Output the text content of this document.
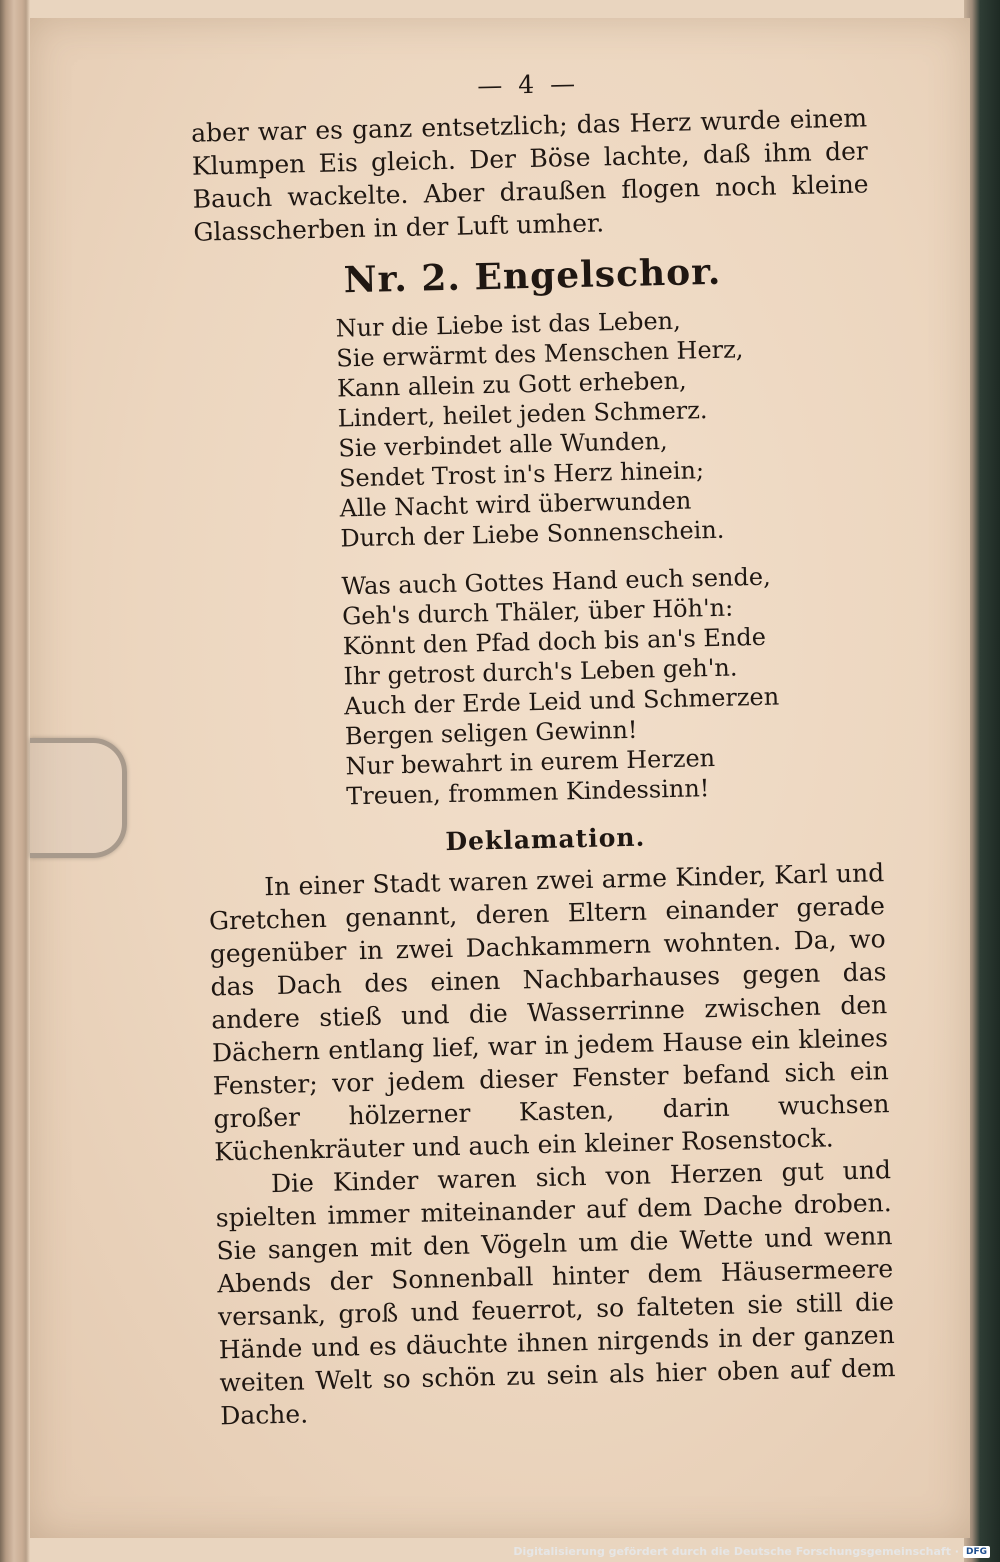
— 4 —

aber war es ganz entsetzlich; das Herz wurde einem Klumpen Eis gleich. Der Böse lachte, daß ihm der Bauch wackelte. Aber draußen flogen noch kleine Glasscherben in der Luft umher.

Nr. 2. Engelschor.
Nur die Liebe ist das Leben,
Sie erwärmt des Menschen Herz,
Kann allein zu Gott erheben,
Lindert, heilet jeden Schmerz.
Sie verbindet alle Wunden,
Sendet Trost in's Herz hinein;
Alle Nacht wird überwunden
Durch der Liebe Sonnenschein.
Was auch Gottes Hand euch sende,
Geh's durch Thäler, über Höh'n:
Könnt den Pfad doch bis an's Ende
Ihr getrost durch's Leben geh'n.
Auch der Erde Leid und Schmerzen
Bergen seligen Gewinn!
Nur bewahrt in eurem Herzen
Treuen, frommen Kindessinn!
Deklamation.

In einer Stadt waren zwei arme Kinder, Karl und Gretchen genannt, deren Eltern einander gerade gegenüber in zwei Dachkammern wohnten. Da, wo das Dach des einen Nachbarhauses gegen das andere stieß und die Wasserrinne zwischen den Dächern entlang lief, war in jedem Hause ein kleines Fenster; vor jedem dieser Fenster befand sich ein großer hölzerner Kasten, darin wuchsen Küchenkräuter und auch ein kleiner Rosenstock.

Die Kinder waren sich von Herzen gut und spielten immer miteinander auf dem Dache droben. Sie sangen mit den Vögeln um die Wette und wenn Abends der Sonnenball hinter dem Häusermeere versank, groß und feuerrot, so falteten sie still die Hände und es däuchte ihnen nirgends in der ganzen weiten Welt so schön zu sein als hier oben auf dem Dache.

Digitalisierung gefördert durch die Deutsche Forschungsgemeinschaft · DFG
